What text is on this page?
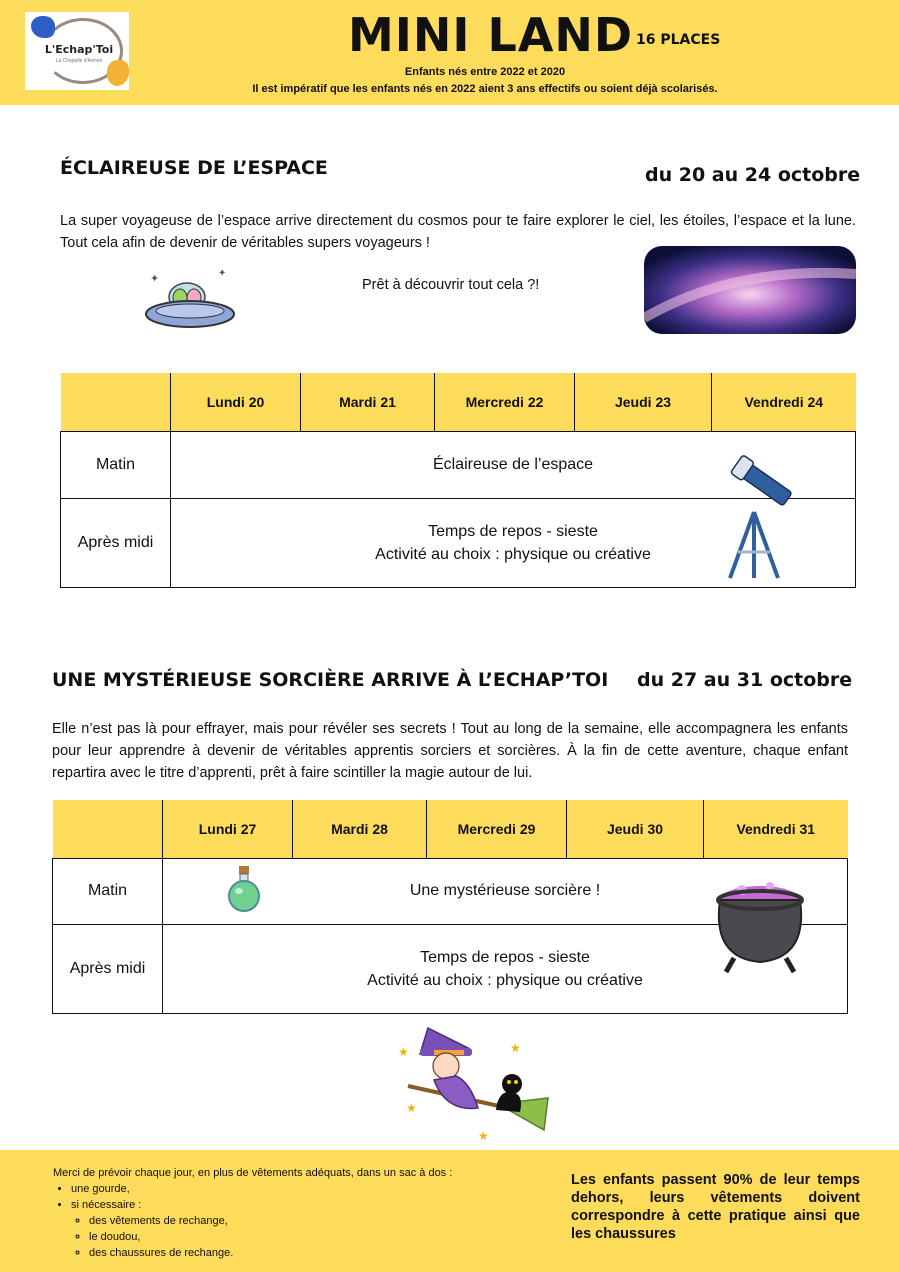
L'Echap'Toi
La Chapelle d'Armen	MINI LAND 16 PLACES
Enfants nés entre 2022 et 2020
Il est impératif que les enfants nés en 2022 aient 3 ans effectifs ou soient déjà scolarisés.
ÉCLAIREUSE DE L’ESPACE	du 20 au 24 octobre
La super voyageuse de l’espace arrive directement du cosmos pour te faire explorer le ciel, les étoiles, l’espace et la lune. Tout cela afin de devenir de véritables supers voyageurs !
✦	✦
Prêt à découvrir tout cela ?!
	Lundi 20	Mardi 21	Mercredi 22	Jeudi 23	Vendredi 24
Matin	Éclaireuse de l’espace				
Après midi	Temps de repos - sieste
Activité au choix : physique ou créative				
UNE MYSTÉRIEUSE SORCIÈRE ARRIVE À L’ECHAP’TOI du 27 au 31 octobre
Elle n’est pas là pour effrayer, mais pour révéler ses secrets ! Tout au long de la semaine, elle accompagnera les enfants pour leur apprendre à devenir de véritables apprentis sorciers et sorcières. À la fin de cette aventure, chaque enfant repartira avec le titre d’apprenti, prêt à faire scintiller la magie autour de lui.
	Lundi 27	Mardi 28	Mercredi 29	Jeudi 30	Vendredi 31
Matin	Une mystérieuse sorcière !				
Après midi	Temps de repos - sieste
Activité au choix : physique ou créative				
★	★
★
★
Merci de prévoir chaque jour, en plus de vêtements adéquats, dans un sac à dos :
• une gourde,
• si nécessaire :
◦ des vêtements de rechange,
◦ le doudou,
◦ des chaussures de rechange.
Les enfants passent 90% de leur temps dehors, leurs vêtements doivent correspondre à cette pratique ainsi que les chaussures
